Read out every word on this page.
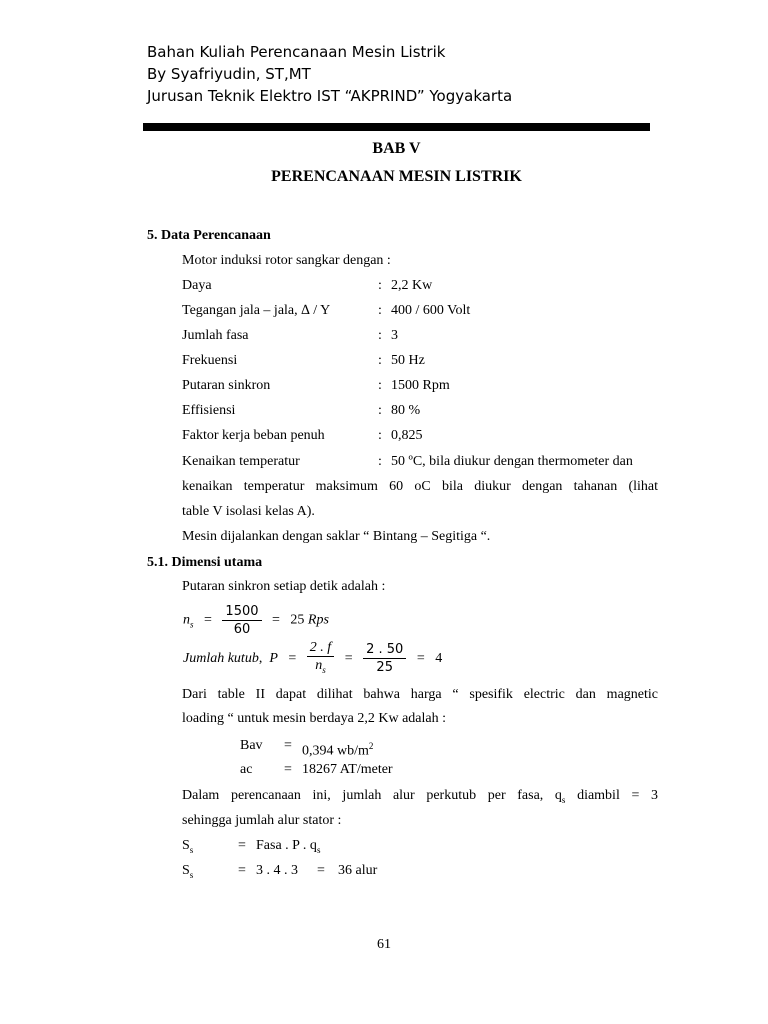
Bahan Kuliah Perencanaan Mesin Listrik
By Syafriyudin, ST,MT
Jurusan Teknik Elektro IST “AKPRIND” Yogyakarta
BAB V
PERENCANAAN MESIN LISTRIK
5. Data Perencanaan
Motor induksi rotor sangkar dengan :
Daya	: 2,2 Kw
Tegangan jala – jala, ∆ / Y	: 400 / 600 Volt
Jumlah fasa	: 3
Frekuensi	: 50 Hz
Putaran sinkron	: 1500 Rpm
Effisiensi	: 80 %
Faktor kerja beban penuh	: 0,825
Kenaikan temperatur	: 50 ºC, bila diukur dengan thermometer dan
kenaikan temperatur maksimum 60 oC bila diukur dengan tahanan (lihat
table V isolasi kelas A).
Mesin dijalankan dengan saklar “ Bintang – Segitiga “.
5.1. Dimensi utama
Putaran sinkron setiap detik adalah :
$n_s = \frac{1500}{60} = 25$ Rps
Jumlah kutub, $P = \frac{2 . f}{n_s} = \frac{2 . 50}{25} = 4$
Dari table II dapat dilihat bahwa harga “ spesifik electric dan magnetic
loading “ untuk mesin berdaya 2,2 Kw adalah :
Bav = 0,394 $wb/m^2$
ac = 18267 AT/meter
Dalam perencanaan ini, jumlah alur perkutub per fasa, $q_s$ diambil = 3
sehingga jumlah alur stator :
$S_s$	= Fasa . P . $q_s$
$S_s$	= 3 . 4 . 3 = 36 alur
61
